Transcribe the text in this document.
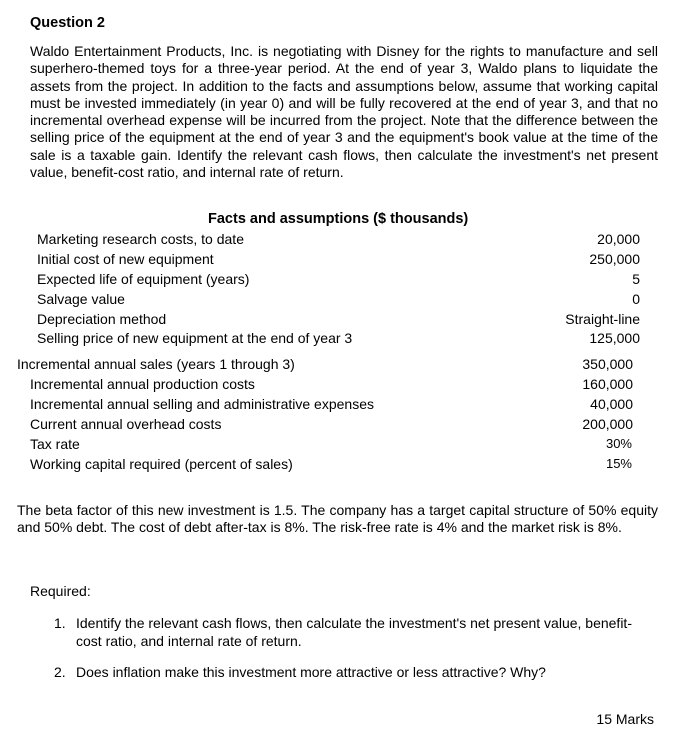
Question 2

Waldo Entertainment Products, Inc. is negotiating with Disney for the rights to manufacture and sell superhero-themed toys for a three-year period. At the end of year 3, Waldo plans to liquidate the assets from the project. In addition to the facts and assumptions below, assume that working capital must be invested immediately (in year 0) and will be fully recovered at the end of year 3, and that no incremental overhead expense will be incurred from the project. Note that the difference between the selling price of the equipment at the end of year 3 and the equipment's book value at the time of the sale is a taxable gain. Identify the relevant cash flows, then calculate the investment's net present value, benefit-cost ratio, and internal rate of return.

Facts and assumptions ($ thousands)
Marketing research costs, to date	20,000
Initial cost of new equipment	250,000
Expected life of equipment (years)	5
Salvage value	0
Depreciation method	Straight-line
Selling price of new equipment at the end of year 3	125,000
Incremental annual sales (years 1 through 3)	350,000
Incremental annual production costs	160,000
Incremental annual selling and administrative expenses	40,000
Current annual overhead costs	200,000
Tax rate	30%
Working capital required (percent of sales)	15%

The beta factor of this new investment is 1.5. The company has a target capital structure of 50% equity and 50% debt. The cost of debt after-tax is 8%. The risk-free rate is 4% and the market risk is 8%.

Required:
1. Identify the relevant cash flows, then calculate the investment's net present value, benefit-cost ratio, and internal rate of return.
2. Does inflation make this investment more attractive or less attractive? Why?
15 Marks
